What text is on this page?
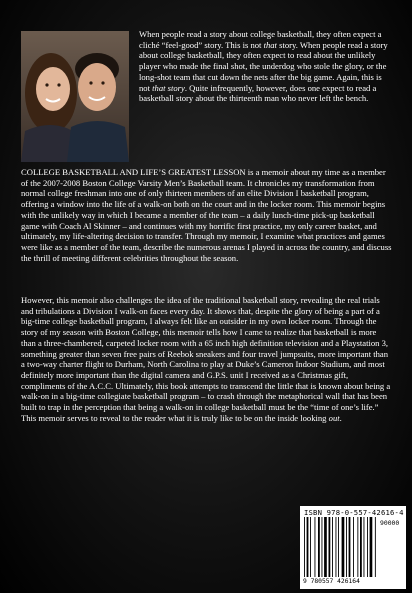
When people read a story about college basketball, they often expect a cliché “feel-good” story. This is not that story. When people read a story about college basketball, they often expect to read about the unlikely player who made the final shot, the underdog who stole the glory, or the long-shot team that cut down the nets after the big game. Again, this is not that story. Quite infrequently, however, does one expect to read a basketball story about the thirteenth man who never left the bench.

COLLEGE BASKETBALL AND LIFE’S GREATEST LESSON is a memoir about my time as a member of the 2007-2008 Boston College Varsity Men’s Basketball team. It chronicles my transformation from normal college freshman into one of only thirteen members of an elite Division I basketball program, offering a window into the life of a walk-on both on the court and in the locker room. This memoir begins with the unlikely way in which I became a member of the team – a daily lunch-time pick-up basketball game with Coach Al Skinner – and continues with my horrific first practice, my only career basket, and ultimately, my life-altering decision to transfer. Through my memoir, I examine what practices and games were like as a member of the team, describe the numerous arenas I played in across the country, and discuss the thrill of meeting different celebrities throughout the season.

However, this memoir also challenges the idea of the traditional basketball story, revealing the real trials and tribulations a Division I walk-on faces every day. It shows that, despite the glory of being a part of a big-time college basketball program, I always felt like an outsider in my own locker room. Through the story of my season with Boston College, this memoir tells how I came to realize that basketball is more than a three-chambered, carpeted locker room with a 65 inch high definition television and a Playstation 3, something greater than seven free pairs of Reebok sneakers and four travel jumpsuits, more important than a two-way charter flight to Durham, North Carolina to play at Duke’s Cameron Indoor Stadium, and most definitely more important than the digital camera and G.P.S. unit I received as a Christmas gift, compliments of the A.C.C. Ultimately, this book attempts to transcend the little that is known about being a walk-on in a big-time collegiate basketball program – to crash through the metaphorical wall that has been built to trap in the perception that being a walk-on in college basketball must be the “time of one’s life.” This memoir serves to reveal to the reader what it is truly like to be on the inside looking out.

ISBN 978-0-557-42616-4
90000
9 780557 426164
